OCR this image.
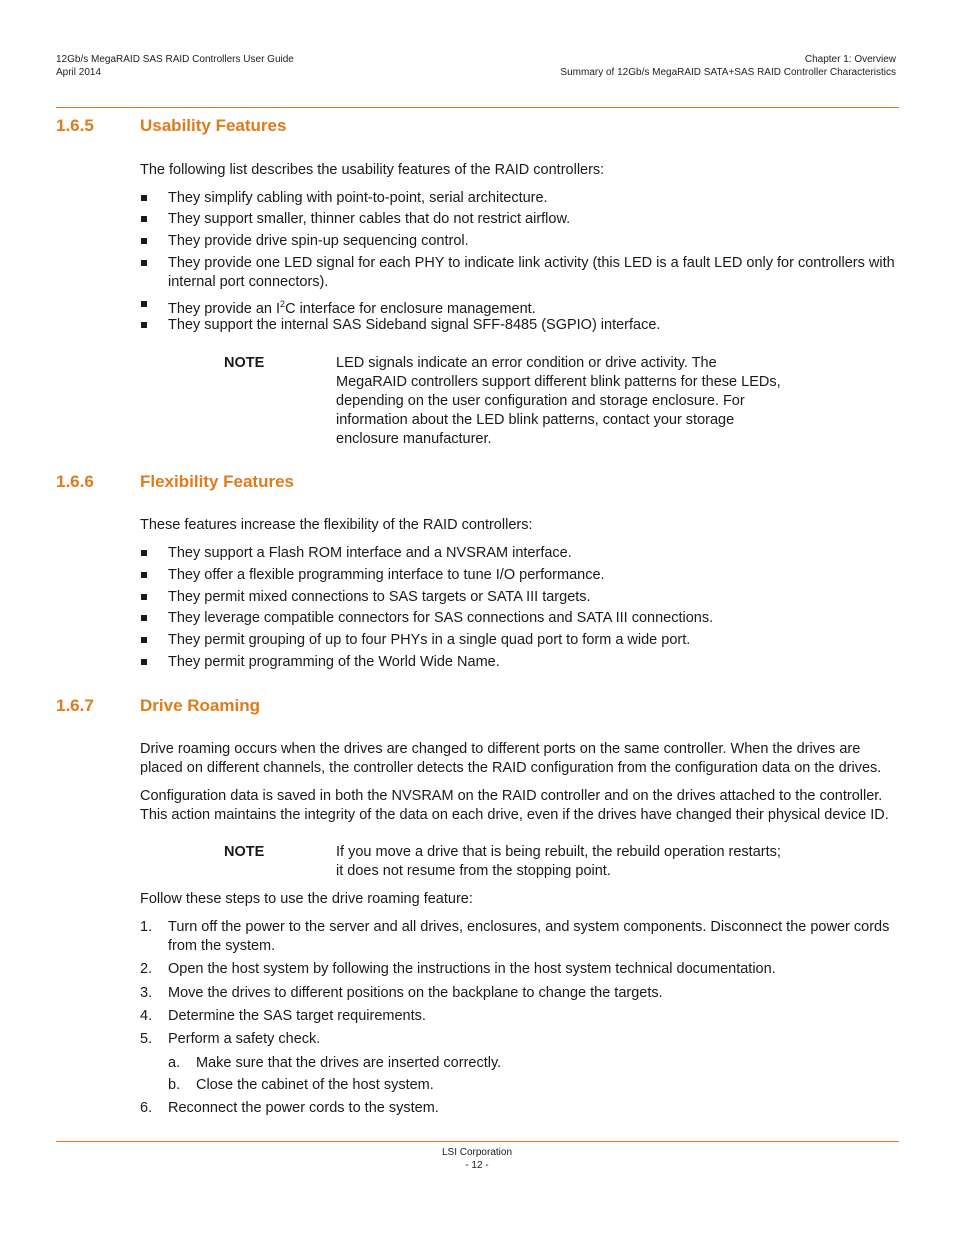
12Gb/s MegaRAID SAS RAID Controllers User Guide
April 2014
Chapter 1: Overview
Summary of 12Gb/s MegaRAID SATA+SAS RAID Controller Characteristics
1.6.5	Usability Features
The following list describes the usability features of the RAID controllers:
They simplify cabling with point-to-point, serial architecture.
They support smaller, thinner cables that do not restrict airflow.
They provide drive spin-up sequencing control.
They provide one LED signal for each PHY to indicate link activity (this LED is a fault LED only for controllers with internal port connectors).
They provide an $I^2C$ interface for enclosure management.
They support the internal SAS Sideband signal SFF-8485 (SGPIO) interface.
NOTE	LED signals indicate an error condition or drive activity. The MegaRAID controllers support different blink patterns for these LEDs, depending on the user configuration and storage enclosure. For information about the LED blink patterns, contact your storage enclosure manufacturer.
1.6.6	Flexibility Features
These features increase the flexibility of the RAID controllers:
They support a Flash ROM interface and a NVSRAM interface.
They offer a flexible programming interface to tune I/O performance.
They permit mixed connections to SAS targets or SATA III targets.
They leverage compatible connectors for SAS connections and SATA III connections.
They permit grouping of up to four PHYs in a single quad port to form a wide port.
They permit programming of the World Wide Name.
1.6.7	Drive Roaming
Drive roaming occurs when the drives are changed to different ports on the same controller. When the drives are placed on different channels, the controller detects the RAID configuration from the configuration data on the drives.
Configuration data is saved in both the NVSRAM on the RAID controller and on the drives attached to the controller. This action maintains the integrity of the data on each drive, even if the drives have changed their physical device ID.
NOTE	If you move a drive that is being rebuilt, the rebuild operation restarts; it does not resume from the stopping point.
Follow these steps to use the drive roaming feature:
1. Turn off the power to the server and all drives, enclosures, and system components. Disconnect the power cords from the system.
2. Open the host system by following the instructions in the host system technical documentation.
3. Move the drives to different positions on the backplane to change the targets.
4. Determine the SAS target requirements.
5. Perform a safety check.
a. Make sure that the drives are inserted correctly.
b. Close the cabinet of the host system.
6. Reconnect the power cords to the system.
LSI Corporation
- 12 -
